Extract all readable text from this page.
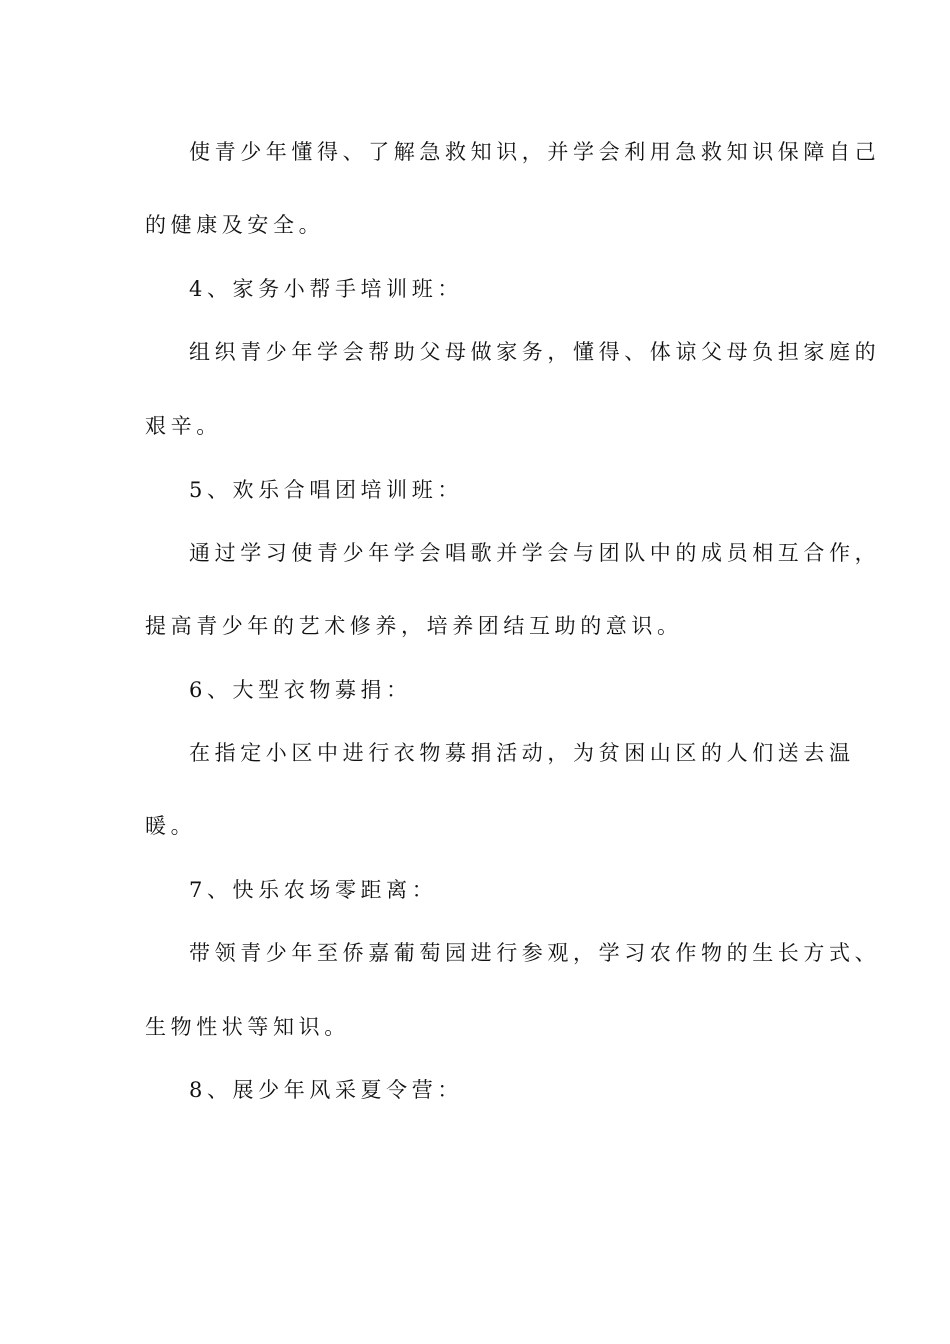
使青少年懂得、了解急救知识，并学会利用急救知识保障自己

的健康及安全。

4、家务小帮手培训班：

组织青少年学会帮助父母做家务，懂得、体谅父母负担家庭的

艰辛。

5、欢乐合唱团培训班：

通过学习使青少年学会唱歌并学会与团队中的成员相互合作，

提高青少年的艺术修养，培养团结互助的意识。

6、大型衣物募捐：

在指定小区中进行衣物募捐活动，为贫困山区的人们送去温

暖。

7、快乐农场零距离：

带领青少年至侨嘉葡萄园进行参观，学习农作物的生长方式、

生物性状等知识。

8、展少年风采夏令营：
